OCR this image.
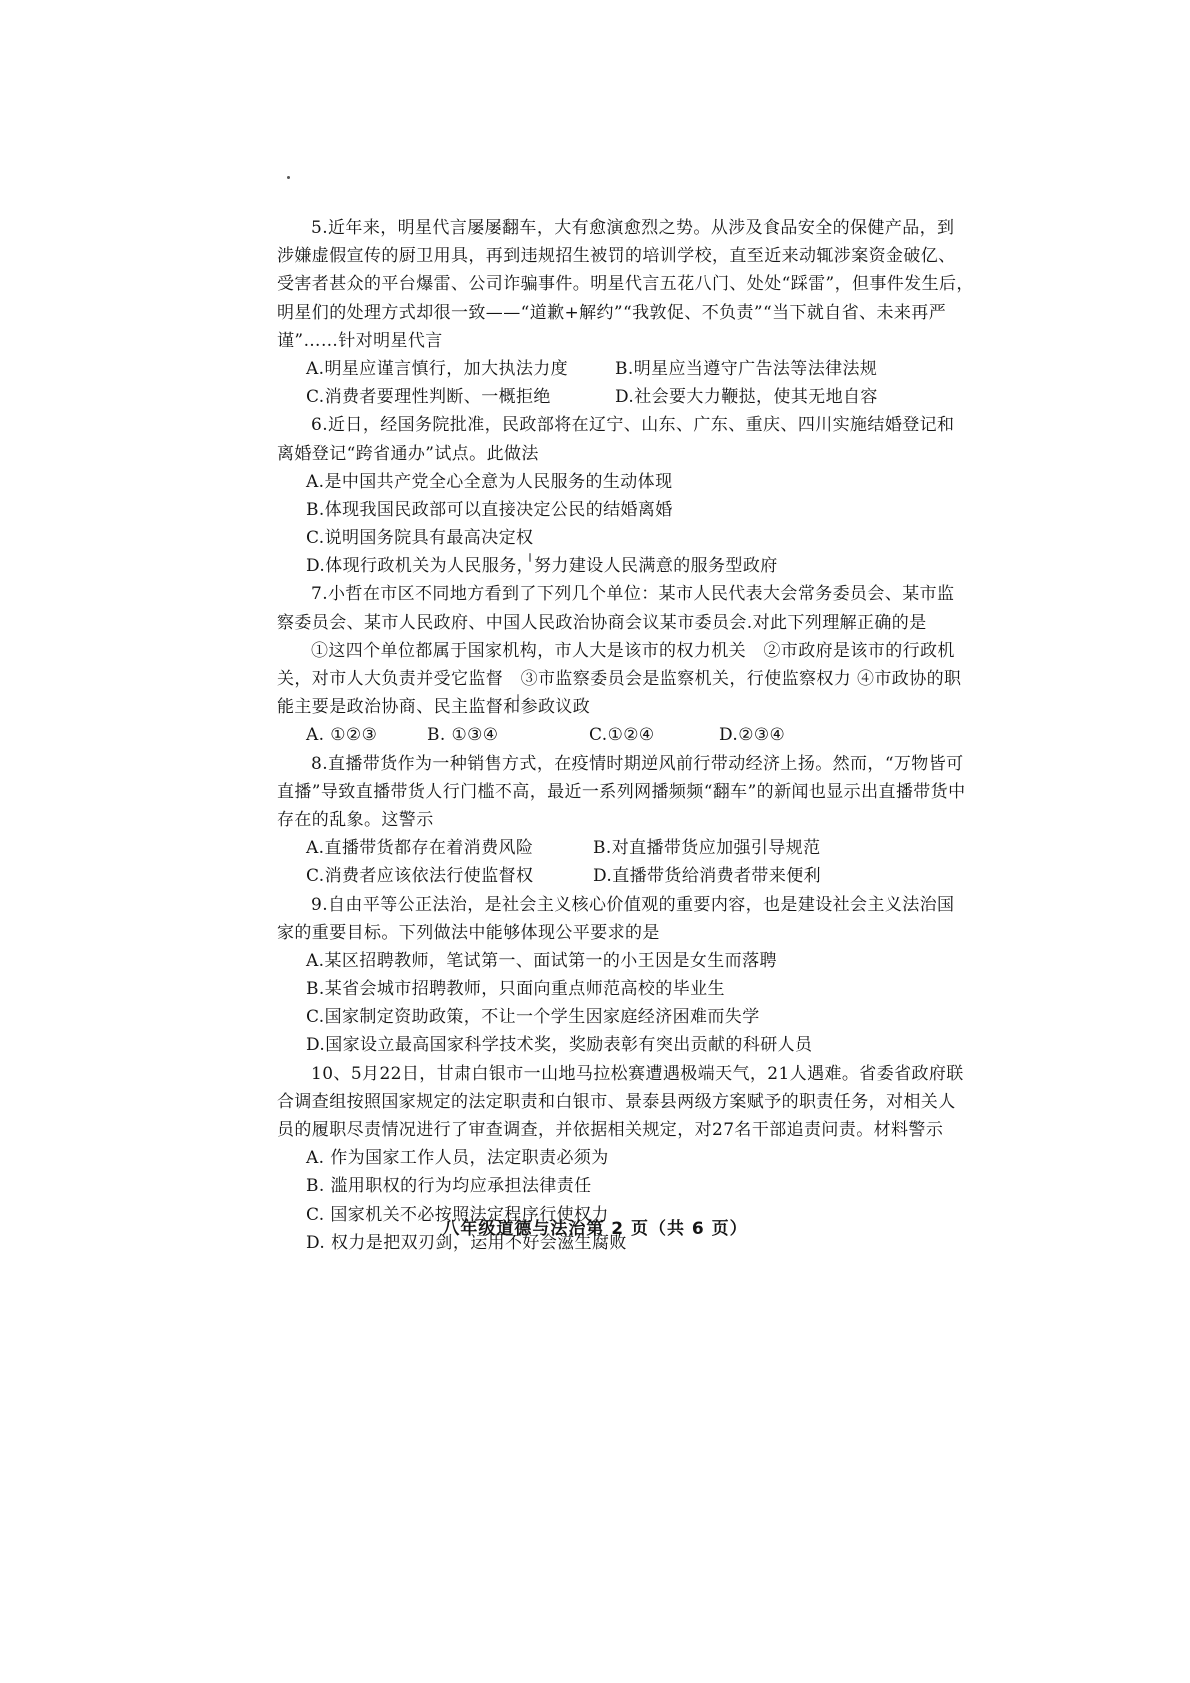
5.近年来，明星代言屡屡翻车，大有愈演愈烈之势。从涉及食品安全的保健产品，到
涉嫌虚假宣传的厨卫用具，再到违规招生被罚的培训学校，直至近来动辄涉案资金破亿、
受害者甚众的平台爆雷、公司诈骗事件。明星代言五花八门、处处“踩雷”，但事件发生后，
明星们的处理方式却很一致——“道歉+解约”“我敦促、不负责”“当下就自省、未来再严
谨”……针对明星代言
A.明星应谨言慎行，加大执法力度	B.明星应当遵守广告法等法律法规
C.消费者要理性判断、一概拒绝	D.社会要大力鞭挞，使其无地自容
6.近日，经国务院批准，民政部将在辽宁、山东、广东、重庆、四川实施结婚登记和
离婚登记“跨省通办”试点。此做法
A.是中国共产党全心全意为人民服务的生动体现
B.体现我国民政部可以直接决定公民的结婚离婚
C.说明国务院具有最高决定权
D.体现行政机关为人民服务，努力建设人民满意的服务型政府
7.小哲在市区不同地方看到了下列几个单位：某市人民代表大会常务委员会、某市监
察委员会、某市人民政府、中国人民政治协商会议某市委员会.对此下列理解正确的是
①这四个单位都属于国家机构，市人大是该市的权力机关　②市政府是该市的行政机
关，对市人大负责并受它监督　③市监察委员会是监察机关，行使监察权力 ④市政协的职
能主要是政治协商、民主监督和参政议政
A. ①②③	B. ①③④	C.①②④	D.②③④
8.直播带货作为一种销售方式，在疫情时期逆风前行带动经济上扬。然而，“万物皆可
直播”导致直播带货人行门槛不高，最近一系列网播频频“翻车”的新闻也显示出直播带货中
存在的乱象。这警示
A.直播带货都存在着消费风险	B.对直播带货应加强引导规范
C.消费者应该依法行使监督权	D.直播带货给消费者带来便利
9.自由平等公正法治，是社会主义核心价值观的重要内容，也是建设社会主义法治国
家的重要目标。下列做法中能够体现公平要求的是
A.某区招聘教师，笔试第一、面试第一的小王因是女生而落聘
B.某省会城市招聘教师，只面向重点师范高校的毕业生
C.国家制定资助政策，不让一个学生因家庭经济困难而失学
D.国家设立最高国家科学技术奖，奖励表彰有突出贡献的科研人员
10、5月22日，甘肃白银市一山地马拉松赛遭遇极端天气，21人遇难。省委省政府联
合调查组按照国家规定的法定职责和白银市、景泰县两级方案赋予的职责任务，对相关人
员的履职尽责情况进行了审查调查，并依据相关规定，对27名干部追责问责。材料警示
A. 作为国家工作人员，法定职责必须为
B. 滥用职权的行为均应承担法律责任
C. 国家机关不必按照法定程序行使权力
D. 权力是把双刃剑，运用不好会滋生腐败
八年级道德与法治第 2 页（共 6 页）
